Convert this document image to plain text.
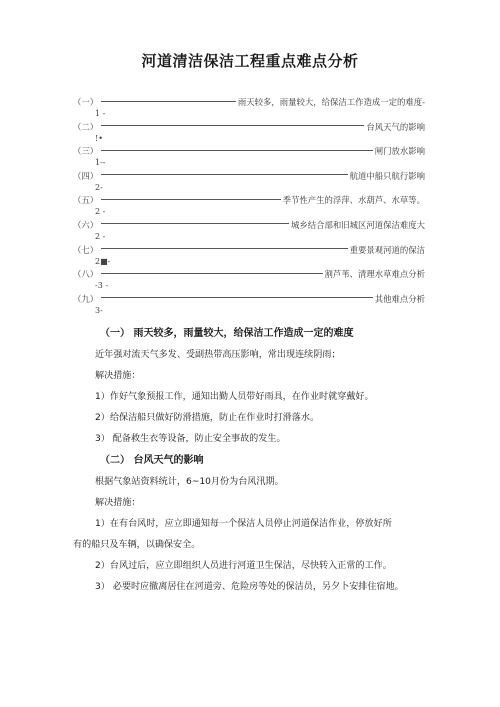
河道清洁保洁工程重点难点分析
（一）	雨天较多，雨量较大，给保洁工作造成一定的难度-
1 -
（二）	台风天气的影响
!•
（三）	闸门放水影响
1--
（四）	航道中船只航行影响
2-
（五）	季节性产生的浮萍、水葫芦、水草等。
2 -
（六）	城乡结合部和旧城区河道保洁难度大
2 -
（七）	重要景观河道的保洁
2■-
（八）	割芦苇、清理水草难点分析
-3 -
（九）	其他难点分析
3-
（一） 雨天较多，雨量较大，给保洁工作造成一定的难度
近年强对流天气多发、受副热带高压影响，常出现连续阴雨；
解决措施：
1）作好气象预报工作，通知出勤人员带好雨具，在作业时就穿戴好。
2）给保洁船只做好防滑措施，防止在作业时打滑落水。
3） 配备救生衣等设备，防止安全事故的发生。
（二） 台风天气的影响
根据气象站资料统计，6~10月份为台风汛期。
解决措施：
1）在有台风时，应立即通知每一个保洁人员停止河道保洁作业，停放好所
有的船只及车辆，以确保安全。
2）台风过后，应立即组织人员进行河道卫生保洁，尽快转入正常的工作。
3） 必要时应撤离居住在河道旁、危险房等处的保洁员，另夕卜安排住宿地。
